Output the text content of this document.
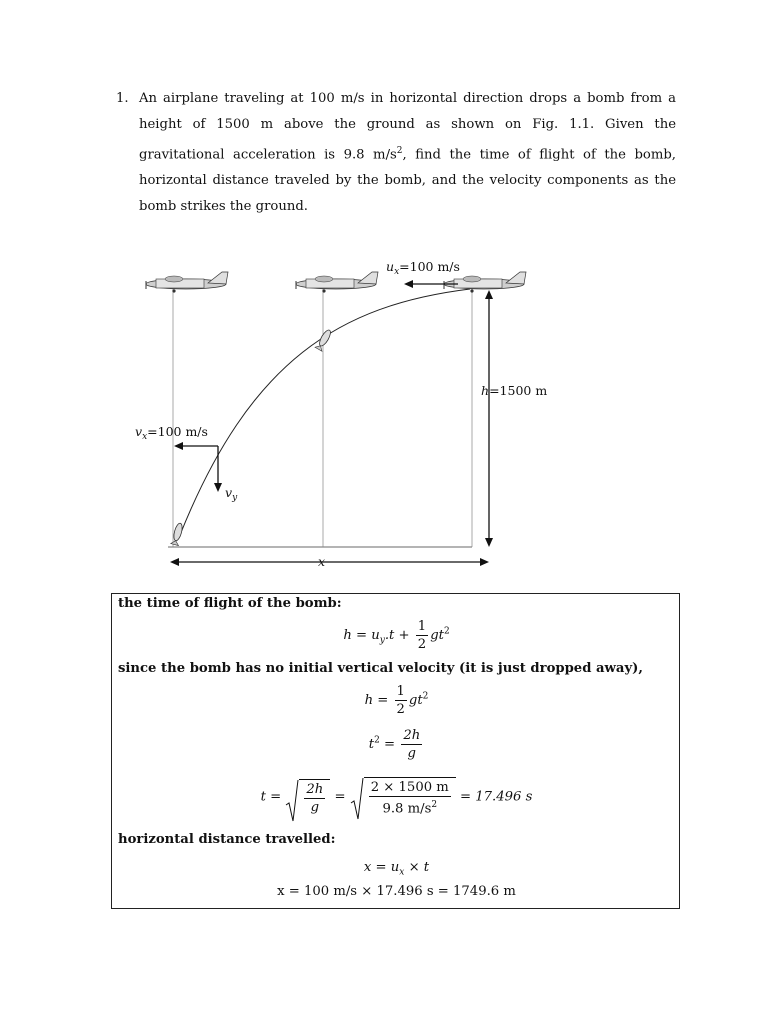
1. An airplane traveling at 100 m/s in horizontal direction drops a bomb from a height of 1500 m above the ground as shown on Fig. 1.1. Given the gravitational acceleration is 9.8 $m/s^2$, find the time of flight of the bomb, horizontal distance traveled by the bomb, and the velocity components as the bomb strikes the ground.

$u_x=100$ m/s
h=1500 m
$v_x=100$ m/s
$v_y$
x
the time of flight of the bomb:
$h = u_y.t + \frac{1}{2} gt^2$
since the bomb has no initial vertical velocity (it is just dropped away),
$h = \frac{1}{2} gt^2$
$t^2 = \frac{2h}{g}$
$t = \frac{2h}{g} = \frac{2 \times 1500 m}{9.8 m/s^2} = 17.496$ s
horizontal distance travelled:
$x = u_x \times t$
x = 100 m/s × 17.496 s = 1749.6 m
